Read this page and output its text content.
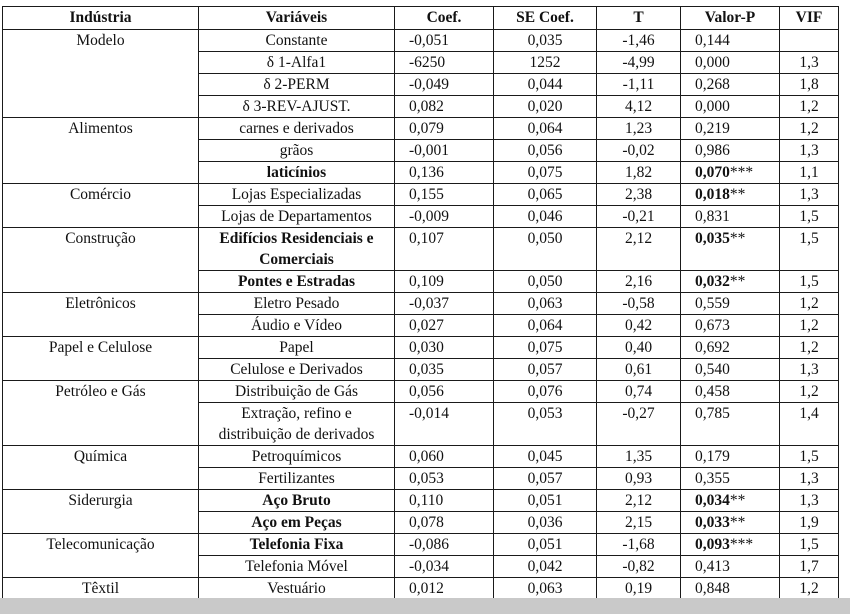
Indústria	Variáveis	Coef.	SE Coef.	T	Valor-P	VIF
Modelo	Constante	-0,051	0,035	-1,46	0,144	
	δ 1-Alfa1	-6250	1252	-4,99	0,000	1,3
	δ 2-PERM	-0,049	0,044	-1,11	0,268	1,8
	δ 3-REV-AJUST.	0,082	0,020	4,12	0,000	1,2
Alimentos	carnes e derivados	0,079	0,064	1,23	0,219	1,2
	grãos	-0,001	0,056	-0,02	0,986	1,3
	laticínios	0,136	0,075	1,82	0,070***	1,1
Comércio	Lojas Especializadas	0,155	0,065	2,38	0,018**	1,3
	Lojas de Departamentos	-0,009	0,046	-0,21	0,831	1,5
Construção	Edifícios Residenciais e Comerciais	0,107	0,050	2,12	0,035**	1,5
	Pontes e Estradas	0,109	0,050	2,16	0,032**	1,5
Eletrônicos	Eletro Pesado	-0,037	0,063	-0,58	0,559	1,2
	Áudio e Vídeo	0,027	0,064	0,42	0,673	1,2
Papel e Celulose	Papel	0,030	0,075	0,40	0,692	1,2
	Celulose e Derivados	0,035	0,057	0,61	0,540	1,3
Petróleo e Gás	Distribuição de Gás	0,056	0,076	0,74	0,458	1,2
	Extração, refino e distribuição de derivados	-0,014	0,053	-0,27	0,785	1,4
Química	Petroquímicos	0,060	0,045	1,35	0,179	1,5
	Fertilizantes	0,053	0,057	0,93	0,355	1,3
Siderurgia	Aço Bruto	0,110	0,051	2,12	0,034**	1,3
	Aço em Peças	0,078	0,036	2,15	0,033**	1,9
Telecomunicação	Telefonia Fixa	-0,086	0,051	-1,68	0,093***	1,5
	Telefonia Móvel	-0,034	0,042	-0,82	0,413	1,7
Têxtil	Vestuário	0,012	0,063	0,19	0,848	1,2
